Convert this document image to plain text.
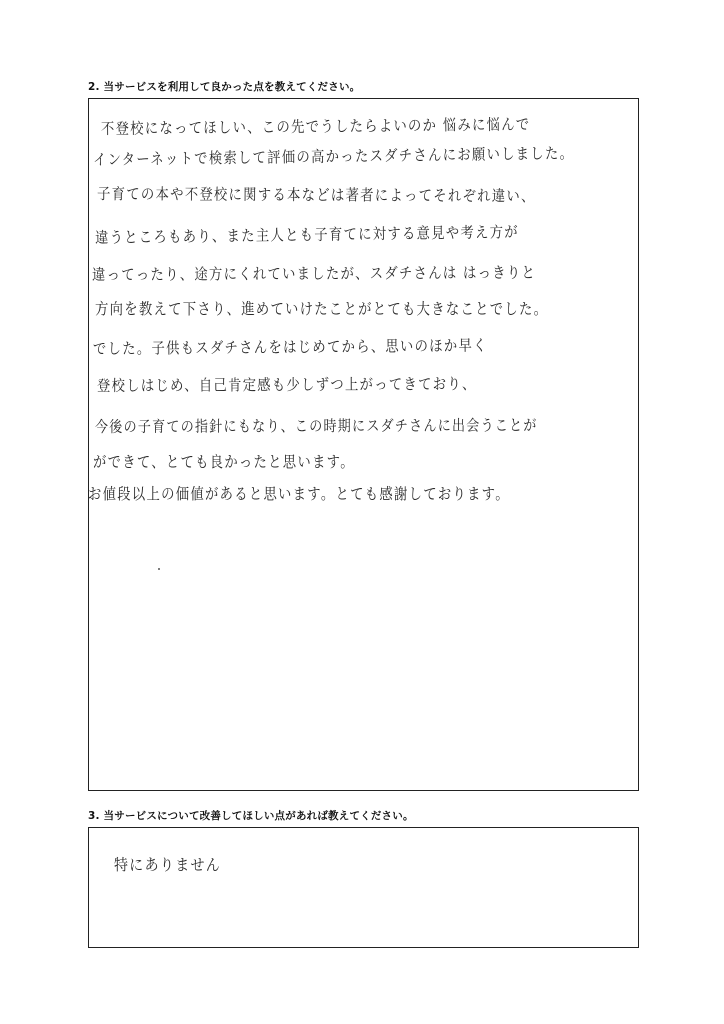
2. 当サービスを利用して良かった点を教えてください。
不登校になってほしい、この先でうしたらよいのか 悩みに悩んで
インターネットで検索して評価の高かったスダチさんにお願いしました。
子育ての本や不登校に関する本などは著者によってそれぞれ違い、
違うところもあり、また主人とも子育てに対する意見や考え方が
違ってったり、途方にくれていましたが、スダチさんは はっきりと
方向を教えて下さり、進めていけたことがとても大きなことでした。
でした。子供もスダチさんをはじめてから、思いのほか早く
登校しはじめ、自己肯定感も少しずつ上がってきており、
今後の子育ての指針にもなり、この時期にスダチさんに出会うことが
ができて、とても良かったと思います。
お値段以上の価値があると思います。とても感謝しております。
3. 当サービスについて改善してほしい点があれば教えてください。
特にありません
